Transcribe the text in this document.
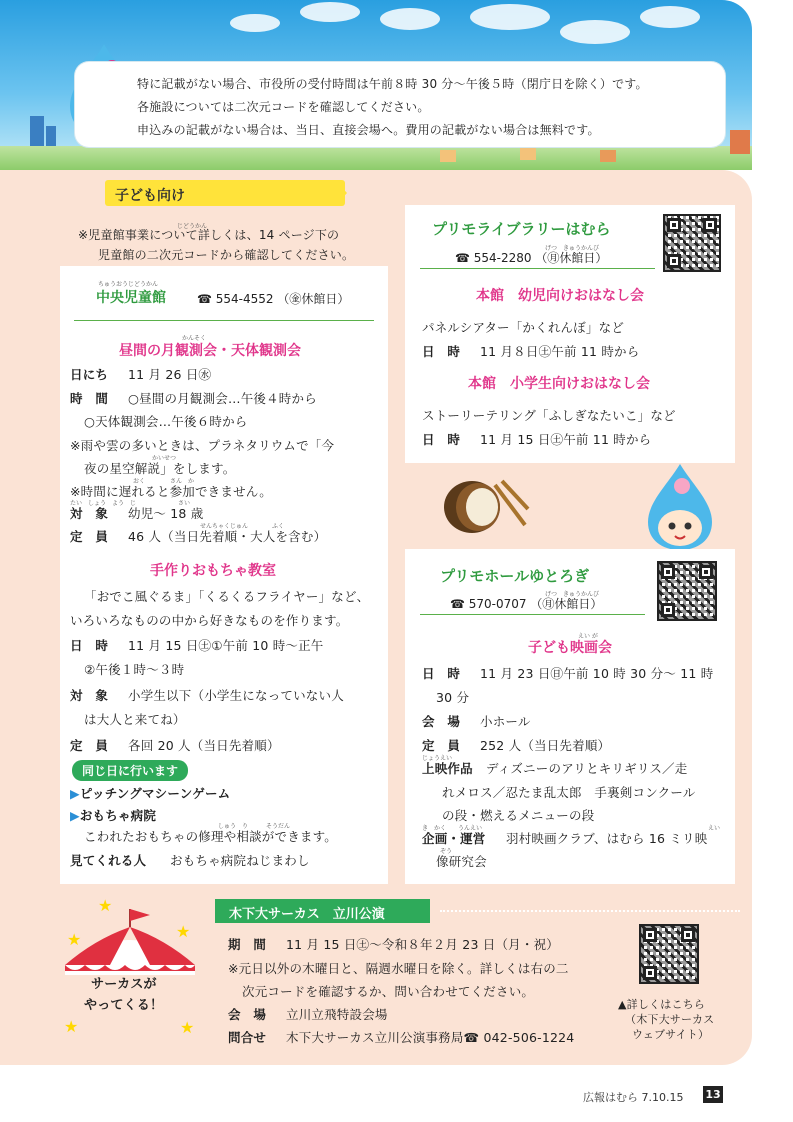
特に記載がない場合、市役所の受付時間は午前８時 30 分～午後５時（閉庁日を除く）です。

各施設については二次元コードを確認してください。

申込みの記載がない場合は、当日、直接会場へ。費用の記載がない場合は無料です。

子ども向け
じどうかん
※児童館事業について詳しくは、14 ページ下の
児童館の二次元コードから確認してください。
ちゅうおうじどうかん
中央児童館	☎ 554-4552 （㊎休館日）
かんそく
昼間の月観測会・天体観測会
日にち 11 月 26 日㊌
時　間 ○昼間の月観測会…午後４時から
○天体観測会…午後６時から
※雨や雲の多いときは、プラネタリウムで「今
かいせつ
夜の星空解説」をします。
おく	さん　か
※時間に遅れると参加できません。
たい　しょう　よう　じ　　　　　　　さい
対　象 幼児～ 18 歳
せんちゃくじゅん　　　　ふく
定　員 46 人（当日先着順・大人を含む）
手作りおもちゃ教室
「おでこ風ぐるま」「くるくるフライヤー」など、
いろいろなものの中から好きなものを作ります。
日　時 11 月 15 日㊏①午前 10 時～正午
②午後１時～３時
対　象 小学生以下（小学生になっていない人
は大人と来てね）
定　員 各回 20 人（当日先着順）
同じ日に行います
▶ピッチングマシーンゲーム
▶おもちゃ病院
しゅう　り　　　そうだん
こわれたおもちゃの修理や相談ができます。
見てくれる人 おもちゃ病院ねじまわし
プリモライブラリーはむら
げつ　きゅうかんび
☎ 554-2280 （㊊休館日）
本館　幼児向けおはなし会
パネルシアター「かくれんぼ」など
日　時 11 月８日㊏午前 11 時から
本館　小学生向けおはなし会
ストーリーテリング「ふしぎなたいこ」など
日　時 11 月 15 日㊏午前 11 時から
プリモホールゆとろぎ
げつ　きゅうかんび
☎ 570-0707 （㊊休館日）
えい が
子ども映画会
日　時 11 月 23 日㊐午前 10 時 30 分～ 11 時
30 分
会　場 小ホール
定　員 252 人（当日先着順）
じょうえい
上映作品 ディズニーのアリとキリギリス／走
れメロス／忍たま乱太郎　手裏剣コンクール
の段・燃えるメニューの段
き　かく　　うんえい	えい
企画・運営 羽村映画クラブ、はむら 16 ミリ映
ぞう
像研究会
★
★	★
★	★
サーカスが
やってくる！
木下大サーカス　立川公演
期　間 11 月 15 日㊏～令和８年２月 23 日（月・祝）
※元日以外の木曜日と、隔週水曜日を除く。詳しくは右の二
次元コードを確認するか、問い合わせてください。
会　場 立川立飛特設会場
問合せ 木下大サーカス立川公演事務局☎ 042-506-1224
▲詳しくはこちら
（木下大サーカス
ウェブサイト）
広報はむら 7.10.15 13
